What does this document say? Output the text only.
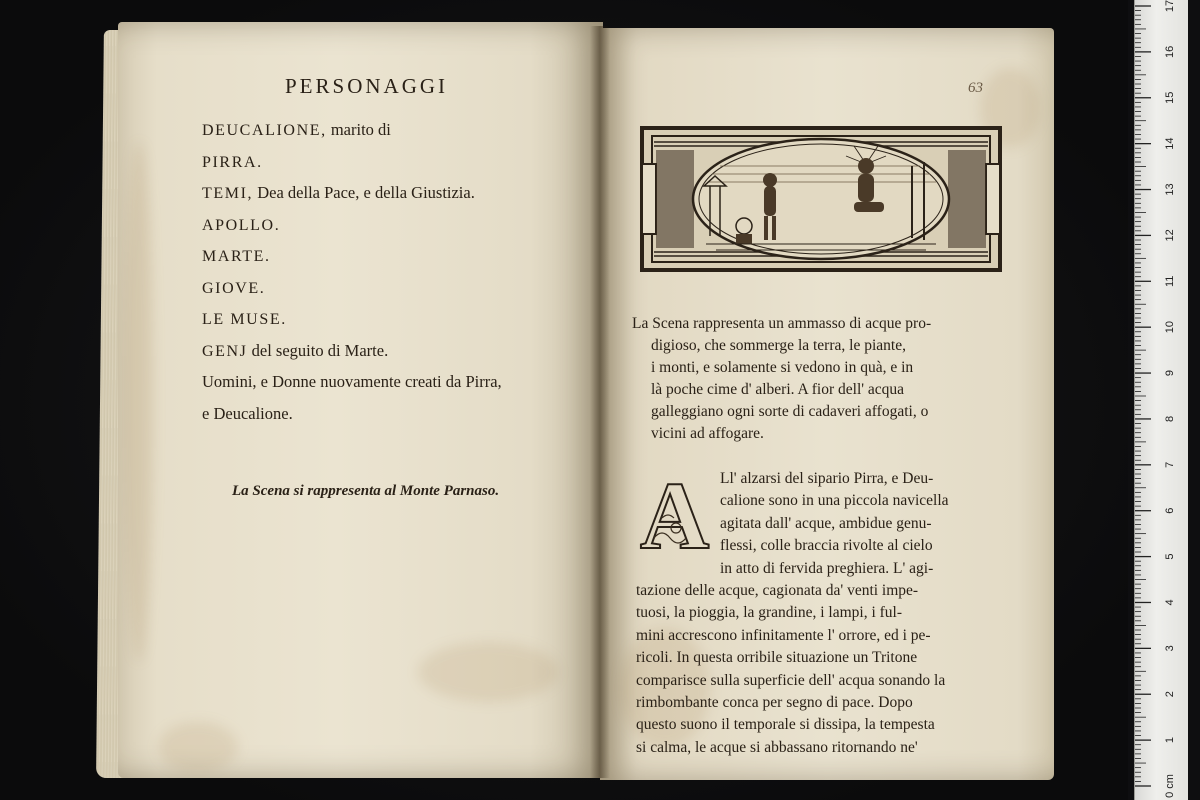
PERSONAGGI
DEUCALIONE, marito di
PIRRA.
TEMI, Dea della Pace, e della Giustizia.
APOLLO.
MARTE.
GIOVE.
LE MUSE.
GENJ del seguito di Marte.
Uomini, e Donne nuovamente creati da Pirra,
e Deucalione.
La Scena si rappresenta al Monte Parnaso.
63
La Scena rappresenta un ammasso di acque pro-
digioso, che sommerge la terra, le piante,
i monti, e solamente si vedono in quà, e in
là poche cime d' alberi. A fior dell' acqua
galleggiano ogni sorte di cadaveri affogati, o
vicini ad affogare.
A Ll' alzarsi del sipario Pirra, e Deu-
calione sono in una piccola navicella
agitata dall' acque, ambidue genu-
flessi, colle braccia rivolte al cielo
in atto di fervida preghiera. L' agi-
tazione delle acque, cagionata da' venti impe-
tuosi, la pioggia, la grandine, i lampi, i ful-
mini accrescono infinitamente l' orrore, ed i pe-
ricoli. In questa orribile situazione un Tritone
comparisce sulla superficie dell' acqua sonando la
rimbombante conca per segno di pace. Dopo
questo suono il temporale si dissipa, la tempesta
si calma, le acque si abbassano ritornando ne'
0 cm
1
2
3
4
5
6
7
8
9
10
11
12
13
14
15
16
17
